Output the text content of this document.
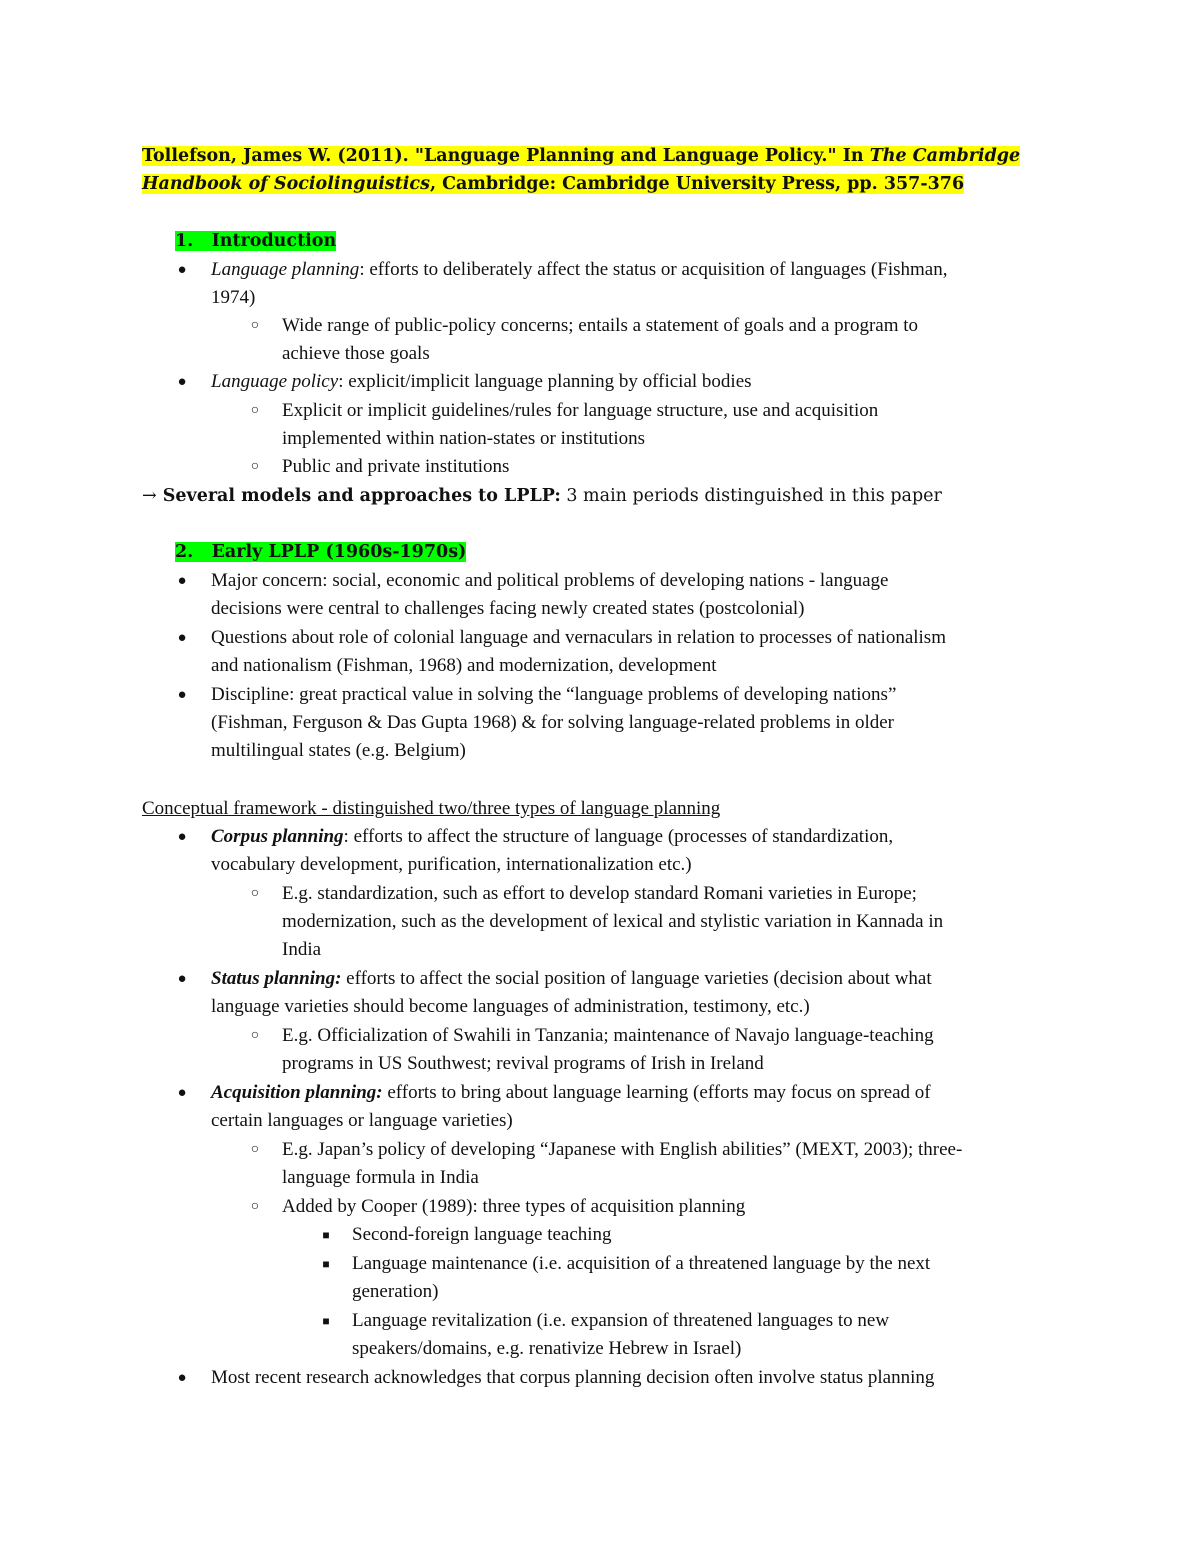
Tollefson, James W. (2011). "Language Planning and Language Policy." In The Cambridge
Handbook of Sociolinguistics, Cambridge: Cambridge University Press, pp. 357-376
1. Introduction
●	Language planning: efforts to deliberately affect the status or acquisition of languages (Fishman,
1974)
○	Wide range of public-policy concerns; entails a statement of goals and a program to
achieve those goals
●	Language policy: explicit/implicit language planning by official bodies
○	Explicit or implicit guidelines/rules for language structure, use and acquisition
implemented within nation-states or institutions
○	Public and private institutions
→ Several models and approaches to LPLP: 3 main periods distinguished in this paper
2. Early LPLP (1960s-1970s)
●	Major concern: social, economic and political problems of developing nations - language
decisions were central to challenges facing newly created states (postcolonial)
●	Questions about role of colonial language and vernaculars in relation to processes of nationalism
and nationalism (Fishman, 1968) and modernization, development
●	Discipline: great practical value in solving the “language problems of developing nations”
(Fishman, Ferguson & Das Gupta 1968) & for solving language-related problems in older
multilingual states (e.g. Belgium)
Conceptual framework - distinguished two/three types of language planning
●	Corpus planning: efforts to affect the structure of language (processes of standardization,
vocabulary development, purification, internationalization etc.)
○	E.g. standardization, such as effort to develop standard Romani varieties in Europe;
modernization, such as the development of lexical and stylistic variation in Kannada in
India
●	Status planning: efforts to affect the social position of language varieties (decision about what
language varieties should become languages of administration, testimony, etc.)
○	E.g. Officialization of Swahili in Tanzania; maintenance of Navajo language-teaching
programs in US Southwest; revival programs of Irish in Ireland
●	Acquisition planning: efforts to bring about language learning (efforts may focus on spread of
certain languages or language varieties)
○	E.g. Japan’s policy of developing “Japanese with English abilities” (MEXT, 2003); three-
language formula in India
○	Added by Cooper (1989): three types of acquisition planning
■	Second-foreign language teaching
■	Language maintenance (i.e. acquisition of a threatened language by the next
generation)
■	Language revitalization (i.e. expansion of threatened languages to new
speakers/domains, e.g. renativize Hebrew in Israel)
●	Most recent research acknowledges that corpus planning decision often involve status planning
